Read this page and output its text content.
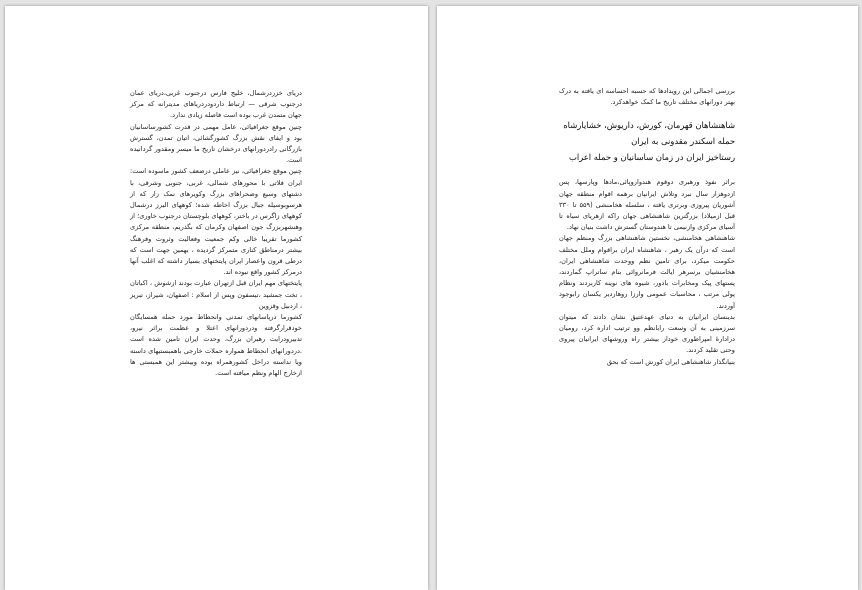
دریای خزردرشمال، خلیج فارس درجنوب غربی،دریای عمان درجنوب شرقی — ارتباط داردودردریاهای مدیترانه که مرکز جهان متمدن غرب بوده است فاصله زیادی ندارد.

چنین موقع جغرافیائی، عامل مهمی در قدرت کشورساسانیان بود و ایفای نقش بزرگ کشورگشائی، اتیان تمدن، گسترش بازرگانی رادردورانهای درخشان تاریخ ما میسر ومقدور گردانیده است.

چنین موقع جغرافیائی، نیز عاملی درضعف کشور ماسوده است: ایران فلاتی با محورهای شمالی، غربی، جنوبی وشرقی، با دشتهای وسیع وصحراهای بزرگ وکویرهای نمک زار که از هرسوبوسیله جبال بزرگ احاطه شده؛ کوههای البرز درشمال کوههای زاگرس در باختر، کوههای بلوچستان درجنوب خاوری؛ از وهنشهربزرگ جون اصفهان وکرمان که بگذریم، منطقه مرکزی کشورما تقریبا خالی وکم جمعیت وفعالیت وثروت وفرهنگ بیشتر درمناطق کناری متمرکز گردیده ، بهمین جهت است که درطی قرون واعصار ایران پایتختهای بسیار داشته که اغلب آنها درمرکز کشور واقع نبوده اند.

پایتختهای مهم ایران قبل ازتهران عبارت بودند ازشوش ، اکباتان ، تخت جمشید ،تیسفون وپس از اسلام : اصفهان، شیراز، تبریز ، اردبیل وقزوین

کشورما درپاسانهای تمدنی وانحطاط مورد حمله همسایگان خودقرارگرفته ودردورانهای اعتلا و عظمت براثر نیرو، تدبیرودرایت رهبران بزرگ، وحدت ایران تامین شده است .دردورانهای انحطاط همواره حملات خارجی باهمبستیهای داسته ویا نداسته دراخل کشورهمراه بوده وبیشتر این همبستی ها ازخارج الهام ونظم میافته است.

بررسی اجمالی این رویدادها که حسبه احساسه ای یافته به درک بهتر دورانهای مختلف تاریخ ما کمک خواهدکرد.

شاهنشاهان قهرمان، کورش، داریوش، خشایارشاه

حمله اسکندر مقدونی به ایران

رستاخیز ایران در زمان ساسانیان و حمله اعراب

براثر نفوذ ورهبری دوقوم هندواروپائی،مادها وپارسها، پس ازدوهزار سال نبرد وتلاش ایرانیان برهمه اقوام منطقه جهان آشوریان پیروزی وبرتری یافته ، سلسله هخامنشی (۵۵۹ تا ۳۳۰ قبل ازمیلاد) بزرگترین شاهنشاهی جهان راکه ازهریای سیاه تا آسیای مرکزی وازنیمی تا هندوستان گسترش داشت بنیان نهاد.

شاهنشاهی هخامنشی، نخستین شاهنشاهی بزرگ ومنظم جهان است که درآن یک رهبر ، شاهنشاه ایران براقوام وملل مختلف حکومت میکرد، برای تامین نظم ووحدت شاهنشاهی ایران، هخامنشیان برسرهر ایالت فرمانروائی بنام ساتراپ گماردند، پستهای پیک ومخابرات بادور، شیوه های نوینه کاربردند ونظام پولی مرتب ، محاسبات عمومی وارزا روهاردیر یکسان رابوجود آوردند.

بدینسان ایرانیان به دنیای عهدعتیق نشان دادند که میتوان سرزمینی به آن وسعت رابانظم وو ترتیب اداره کرد، رومیان درادارهٔ امپراطوری خوداز بیشتر راه وروشهای ایرانیان پیروی وحتی تقلید کردند.

بنیانگذار شاهنشاهی ایران کورش است که بحق
